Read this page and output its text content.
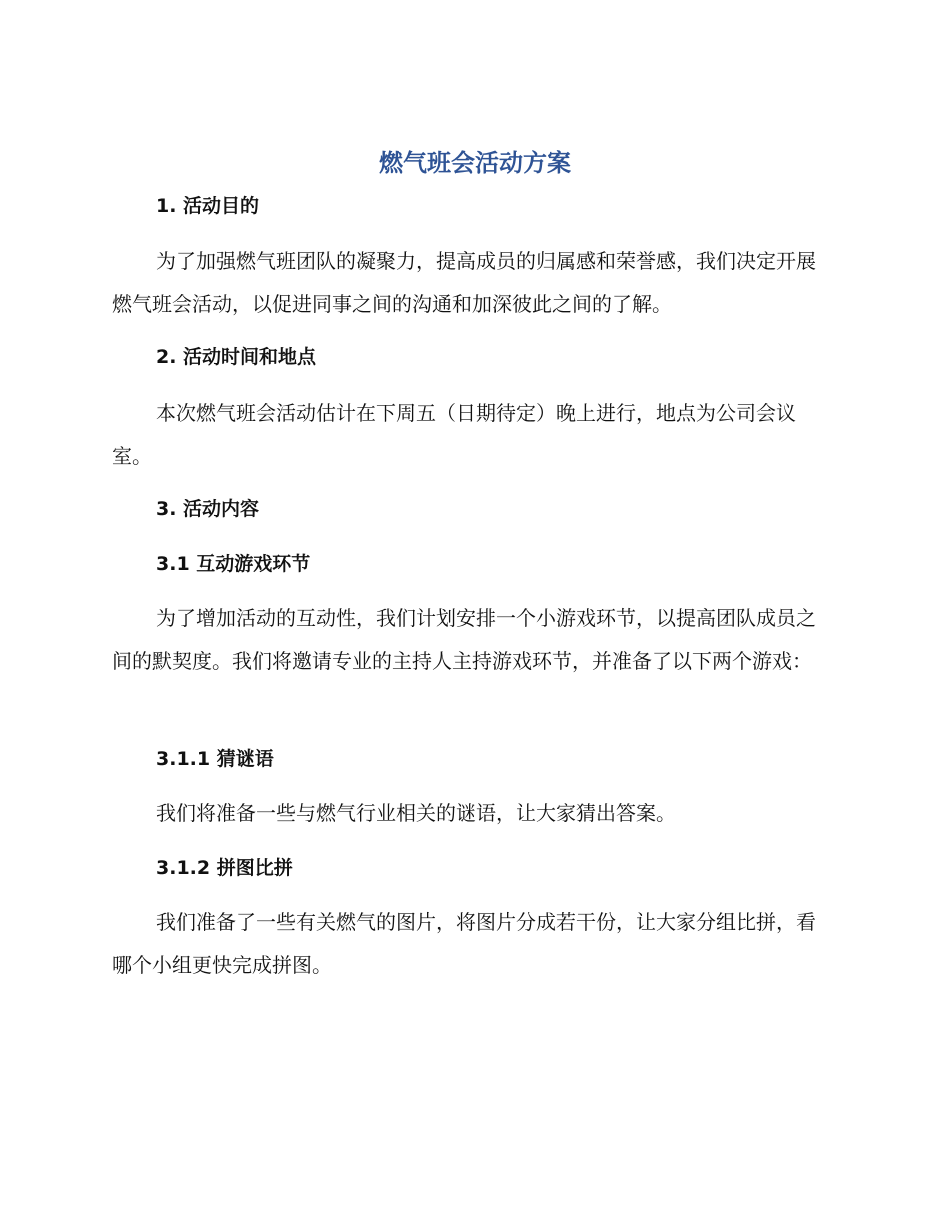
燃气班会活动方案
1. 活动目的
为了加强燃气班团队的凝聚力，提高成员的归属感和荣誉感，我们决定开展燃气班会活动，以促进同事之间的沟通和加深彼此之间的了解。
2. 活动时间和地点
本次燃气班会活动估计在下周五（日期待定）晚上进行，地点为公司会议室。
3. 活动内容
3.1 互动游戏环节
为了增加活动的互动性，我们计划安排一个小游戏环节，以提高团队成员之间的默契度。我们将邀请专业的主持人主持游戏环节，并准备了以下两个游戏：
3.1.1 猜谜语
我们将准备一些与燃气行业相关的谜语，让大家猜出答案。
3.1.2 拼图比拼
我们准备了一些有关燃气的图片，将图片分成若干份，让大家分组比拼，看哪个小组更快完成拼图。
